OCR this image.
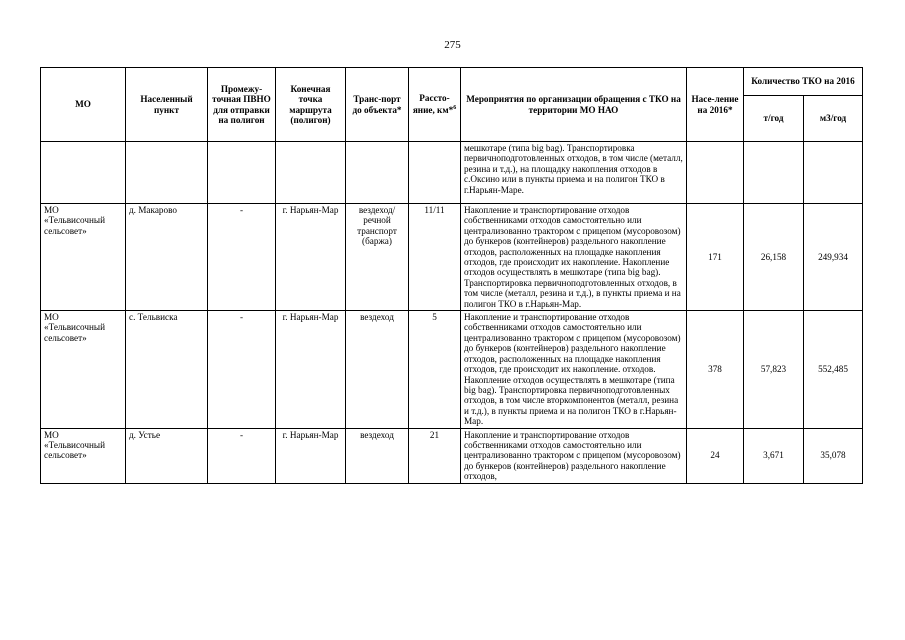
275
МО	Населенный пункт	Промежу-точная ПВНО для отправки на полигон	Конечная точка маршрута (полигон)	Транс-порт до объекта*	Рассто-яние, км*$^6$	Мероприятия по организации обращения с ТКО на территории МО НАО	Насе-ление на 2016*	Количество ТКО на 2016	
								т/год	м3/год
						мешкотаре (типа big bag). Транспортировка первичноподготовленных отходов, в том числе (металл, резина и т.д.), на площадку накопления отходов в с.Оксино или в пункты приема и на полигон ТКО в г.Нарьян-Маре.			
МО «Тельвисочный сельсовет»	д. Макарово	-	г. Нарьян-Мар	вездеход/ речной транспорт (баржа)	11/11	Накопление и транспортирование отходов собственниками отходов самостоятельно или централизованно трактором с прицепом (мусоровозом) до бункеров (контейнеров) раздельного накопление отходов, расположенных на площадке накопления отходов, где происходит их накопление. Накопление отходов осуществлять в мешкотаре (типа big bag). Транспортировка первичноподготовленных отходов, в том числе (металл, резина и т.д.), в пункты приема и на полигон ТКО в г.Нарьян-Мар.	171	26,158	249,934
МО «Тельвисочный сельсовет»	с. Тельвиска	-	г. Нарьян-Мар	вездеход	5	Накопление и транспортирование отходов собственниками отходов самостоятельно или централизованно трактором с прицепом (мусоровозом) до бункеров (контейнеров) раздельного накопление отходов, расположенных на площадке накопления отходов, где происходит их накопление. отходов. Накопление отходов осуществлять в мешкотаре (типа big bag). Транспортировка первичноподготовленных отходов, в том числе вторкомпонентов (металл, резина и т.д.), в пункты приема и на полигон ТКО в г.Нарьян-Мар.	378	57,823	552,485
МО «Тельвисочный сельсовет»	д. Устье	-	г. Нарьян-Мар	вездеход	21	Накопление и транспортирование отходов собственниками отходов самостоятельно или централизованно трактором с прицепом (мусоровозом) до бункеров (контейнеров) раздельного накопление отходов,	24	3,671	35,078
